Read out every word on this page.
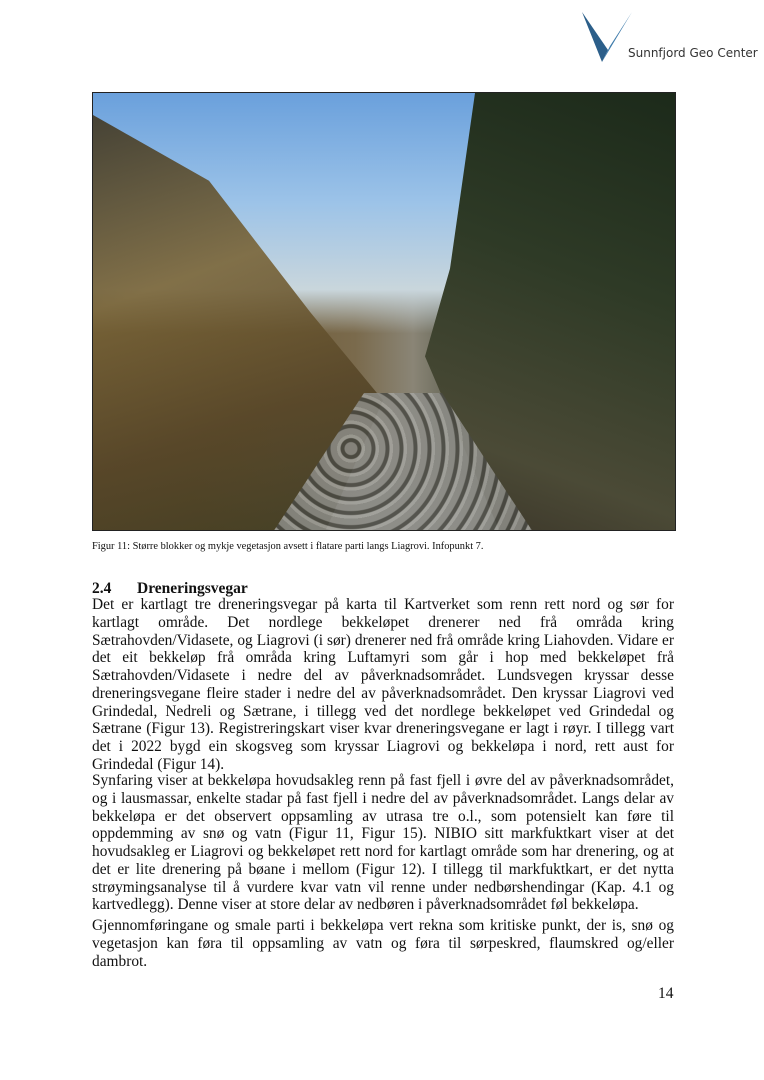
Sunnfjord Geo Center
Figur 11: Større blokker og mykje vegetasjon avsett i flatare parti langs Liagrovi. Infopunkt 7.
2.4 Dreneringsvegar

Det er kartlagt tre dreneringsvegar på karta til Kartverket som renn rett nord og sør for kartlagt område. Det nordlege bekkeløpet drenerer ned frå områda kring Sætrahovden/Vidasete, og Liagrovi (i sør) drenerer ned frå område kring Liahovden. Vidare er det eit bekkeløp frå områda kring Luftamyri som går i hop med bekkeløpet frå Sætrahovden/Vidasete i nedre del av påverknadsområdet. Lundsvegen kryssar desse dreneringsvegane fleire stader i nedre del av påverknadsområdet. Den kryssar Liagrovi ved Grindedal, Nedreli og Sætrane, i tillegg ved det nordlege bekkeløpet ved Grindedal og Sætrane (Figur 13). Registreringskart viser kvar dreneringsvegane er lagt i røyr. I tillegg vart det i 2022 bygd ein skogsveg som kryssar Liagrovi og bekkeløpa i nord, rett aust for Grindedal (Figur 14).

Synfaring viser at bekkeløpa hovudsakleg renn på fast fjell i øvre del av påverknadsområdet, og i lausmassar, enkelte stadar på fast fjell i nedre del av påverknadsområdet. Langs delar av bekkeløpa er det observert oppsamling av utrasa tre o.l., som potensielt kan føre til oppdemming av snø og vatn (Figur 11, Figur 15). NIBIO sitt markfuktkart viser at det hovudsakleg er Liagrovi og bekkeløpet rett nord for kartlagt område som har drenering, og at det er lite drenering på bøane i mellom (Figur 12). I tillegg til markfuktkart, er det nytta strøymingsanalyse til å vurdere kvar vatn vil renne under nedbørshendingar (Kap. 4.1 og kartvedlegg). Denne viser at store delar av nedbøren i påverknadsområdet føl bekkeløpa.

Gjennomføringane og smale parti i bekkeløpa vert rekna som kritiske punkt, der is, snø og vegetasjon kan føra til oppsamling av vatn og føra til sørpeskred, flaumskred og/eller dambrot.

14
